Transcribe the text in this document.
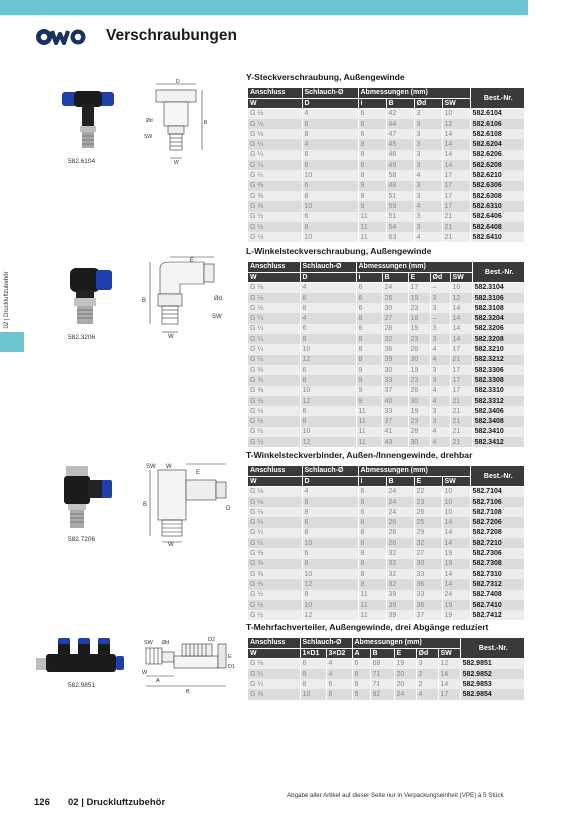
Verschraubungen
02 | Druckluftzubehör
Y-Steckverschraubung, Außengewinde
582.6104
D
Ød
SW
B
W
Anschluss	Schlauch-Ø	Abmessungen (mm)				Best.-Nr.
W	D	i	B	Ød	SW	
G ⅛	4	6	42	3	10	582.6104
G ⅛	6	6	44	3	12	582.6106
G ⅛	8	6	47	3	14	582.6108
G ¼	4	8	45	3	14	582.6204
G ¼	6	8	46	3	14	582.6206
G ¼	8	8	49	3	14	582.6208
G ¼	10	8	58	4	17	582.6210
G ⅜	6	9	48	3	17	582.6306
G ⅜	8	9	51	3	17	582.6308
G ⅜	10	9	59	4	17	582.6310
G ½	6	11	51	3	21	582.6406
G ½	8	11	54	3	21	582.6408
G ½	10	11	63	4	21	582.6410
L-Winkelsteckverschraubung, Außengewinde
582.3206
E
Ød
SW
B
W
Anschluss	Schlauch-Ø	Abmessungen (mm)					Best.-Nr.
W	D	i	B	E	Ød	SW	
G ⅛	4	6	24	17	–	10	582.3104
G ⅛	6	6	26	19	3	12	582.3106
G ⅛	8	6	30	23	3	14	582.3108
G ¼	4	8	27	18	–	14	582.3204
G ¼	6	8	28	19	3	14	582.3206
G ¼	8	8	32	23	3	14	582.3208
G ¼	10	8	36	26	4	17	582.3210
G ¼	12	8	39	30	4	21	582.3212
G ⅜	6	9	30	19	3	17	582.3306
G ⅜	8	9	33	23	3	17	582.3308
G ⅜	10	9	37	26	4	17	582.3310
G ⅜	12	9	40	30	4	21	582.3312
G ½	6	11	33	19	3	21	582.3406
G ½	8	11	37	23	3	21	582.3408
G ½	10	11	41	28	4	21	582.3410
G ½	12	11	43	30	4	21	582.3412
T-Winkelsteckverbinder, Außen-/Innengewinde, drehbar
582.7206
SW W
E
B
D
W
Anschluss	Schlauch-Ø	Abmessungen (mm)				Best.-Nr.
W	D	i	B	E	SW	
G ⅛	4	6	24	22	10	582.7104
G ⅛	6	6	24	23	10	582.7106
G ⅛	8	6	24	26	10	582.7108
G ¼	6	8	26	25	14	582.7206
G ¼	8	8	26	29	14	582.7208
G ¼	10	8	26	32	14	582.7210
G ⅜	6	8	32	27	19	582.7306
G ⅜	8	8	32	30	19	582.7308
G ⅜	10	8	32	33	14	582.7310
G ⅜	12	8	32	36	14	582.7312
G ½	8	11	39	33	24	582.7408
G ½	10	11	39	36	19	582.7410
G ½	12	11	39	37	19	582.7412
T-Mehrfachverteiler, Außengewinde, drei Abgänge reduziert
582.9851
SW Ød	D2
E
D1
W
A
B
Anschluss	Schlauch-Ø		Abmessungen (mm)					Best.-Nr.
W	1×D1	3×D2	A	B	E	Ød	SW	
G ⅛	6	4	6	68	19	3	12	582.9851
G ¼	8	4	8	71	20	2	14	582.9852
G ¼	8	6	8	71	20	2	14	582.9853
G ⅜	10	8	9	92	24	4	17	582.9854
Abgabe aller Artikel auf dieser Seite nur in Verpackungseinheit (VPE) à 5 Stück
126 02 | Druckluftzubehör
